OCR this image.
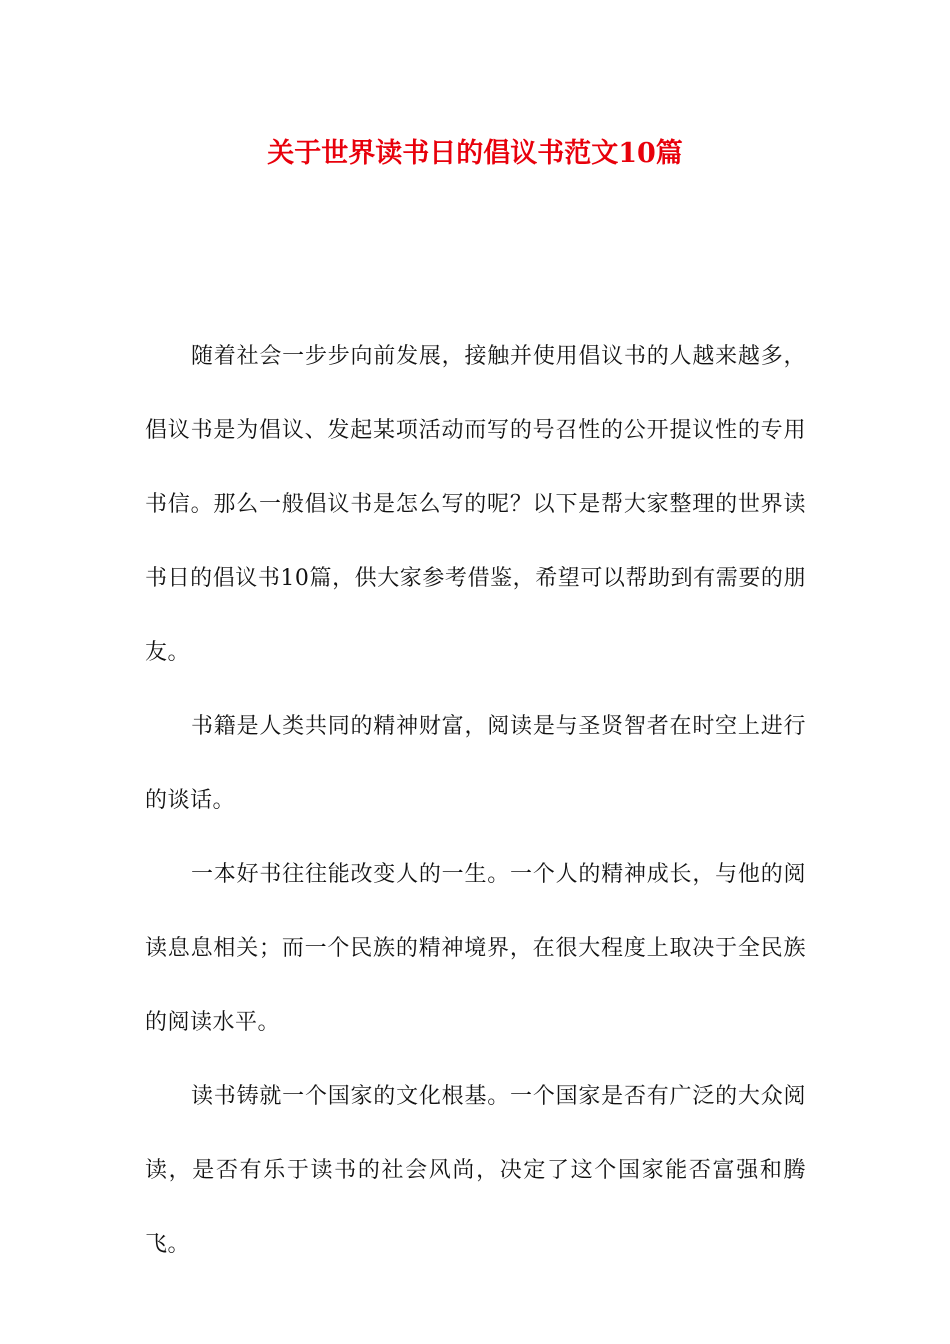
关于世界读书日的倡议书范文10篇

随着社会一步步向前发展，接触并使用倡议书的人越来越多，倡议书是为倡议、发起某项活动而写的号召性的公开提议性的专用书信。那么一般倡议书是怎么写的呢？以下是帮大家整理的世界读书日的倡议书10篇，供大家参考借鉴，希望可以帮助到有需要的朋友。

书籍是人类共同的精神财富，阅读是与圣贤智者在时空上进行的谈话。

一本好书往往能改变人的一生。一个人的精神成长，与他的阅读息息相关；而一个民族的精神境界，在很大程度上取决于全民族的阅读水平。

读书铸就一个国家的文化根基。一个国家是否有广泛的大众阅读，是否有乐于读书的社会风尚，决定了这个国家能否富强和腾飞。
